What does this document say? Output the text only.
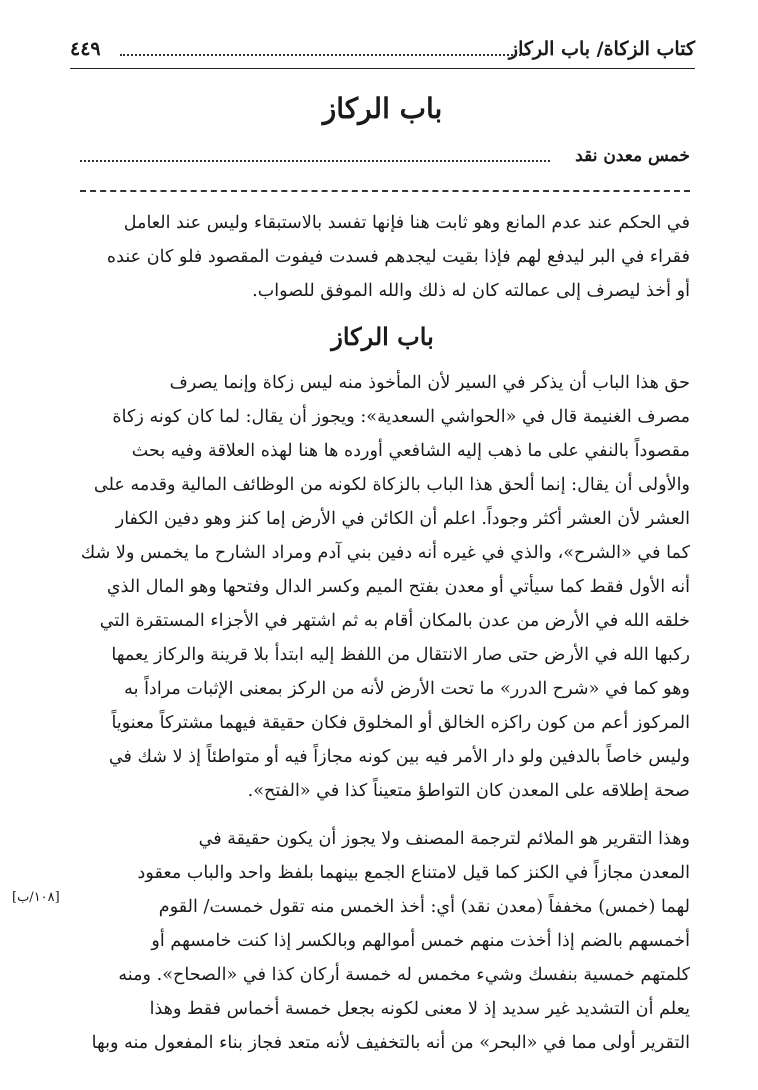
كتاب الزكاة/ باب الركاز
٤٤٩
باب الركاز
خمس معدن نقد

في الحكم عند عدم المانع وهو ثابت هنا فإنها تفسد بالاستبقاء وليس عند العامل
فقراء في البر ليدفع لهم فإذا بقيت ليجدهم فسدت فيفوت المقصود فلو كان عنده
أو أخذ ليصرف إلى عمالته كان له ذلك والله الموفق للصواب.

باب الركاز

حق هذا الباب أن يذكر في السير لأن المأخوذ منه ليس زكاة وإنما يصرف
مصرف الغنيمة قال في «الحواشي السعدية»: ويجوز أن يقال: لما كان كونه زكاة
مقصوداً بالنفي على ما ذهب إليه الشافعي أورده ها هنا لهذه العلاقة وفيه بحث
والأولى أن يقال: إنما ألحق هذا الباب بالزكاة لكونه من الوظائف المالية وقدمه على
العشر لأن العشر أكثر وجوداً. اعلم أن الكائن في الأرض إما كنز وهو دفين الكفار
كما في «الشرح»، والذي في غيره أنه دفين بني آدم ومراد الشارح ما يخمس ولا شك
أنه الأول فقط كما سيأتي أو معدن بفتح الميم وكسر الدال وفتحها وهو المال الذي
خلقه الله في الأرض من عدن بالمكان أقام به ثم اشتهر في الأجزاء المستقرة التي
ركبها الله في الأرض حتى صار الانتقال من اللفظ إليه ابتدأ بلا قرينة والركاز يعمها
وهو كما في «شرح الدرر» ما تحت الأرض لأنه من الركز بمعنى الإثبات مراداً به
المركوز أعم من كون راكزه الخالق أو المخلوق فكان حقيقة فيهما مشتركاً معنوياً
وليس خاصاً بالدفين ولو دار الأمر فيه بين كونه مجازاً فيه أو متواطئاً إذ لا شك في
صحة إطلاقه على المعدن كان التواطؤ متعيناً كذا في «الفتح».

وهذا التقرير هو الملائم لترجمة المصنف ولا يجوز أن يكون حقيقة في
المعدن مجازاً في الكنز كما قيل لامتناع الجمع بينهما بلفظ واحد والباب معقود
لهما (خمس) مخففاً (معدن نقد) أي: أخذ الخمس منه تقول خمست/ القوم
أخمسهم بالضم إذا أخذت منهم خمس أموالهم وبالكسر إذا كنت خامسهم أو
كلمتهم خمسية بنفسك وشيء مخمس له خمسة أركان كذا في «الصحاح». ومنه
يعلم أن التشديد غير سديد إذ لا معنى لكونه بجعل خمسة أخماس فقط وهذا
التقرير أولى مما في «البحر» من أنه بالتخفيف لأنه متعد فجاز بناء المفعول منه وبها

[١٠٨/ب]
